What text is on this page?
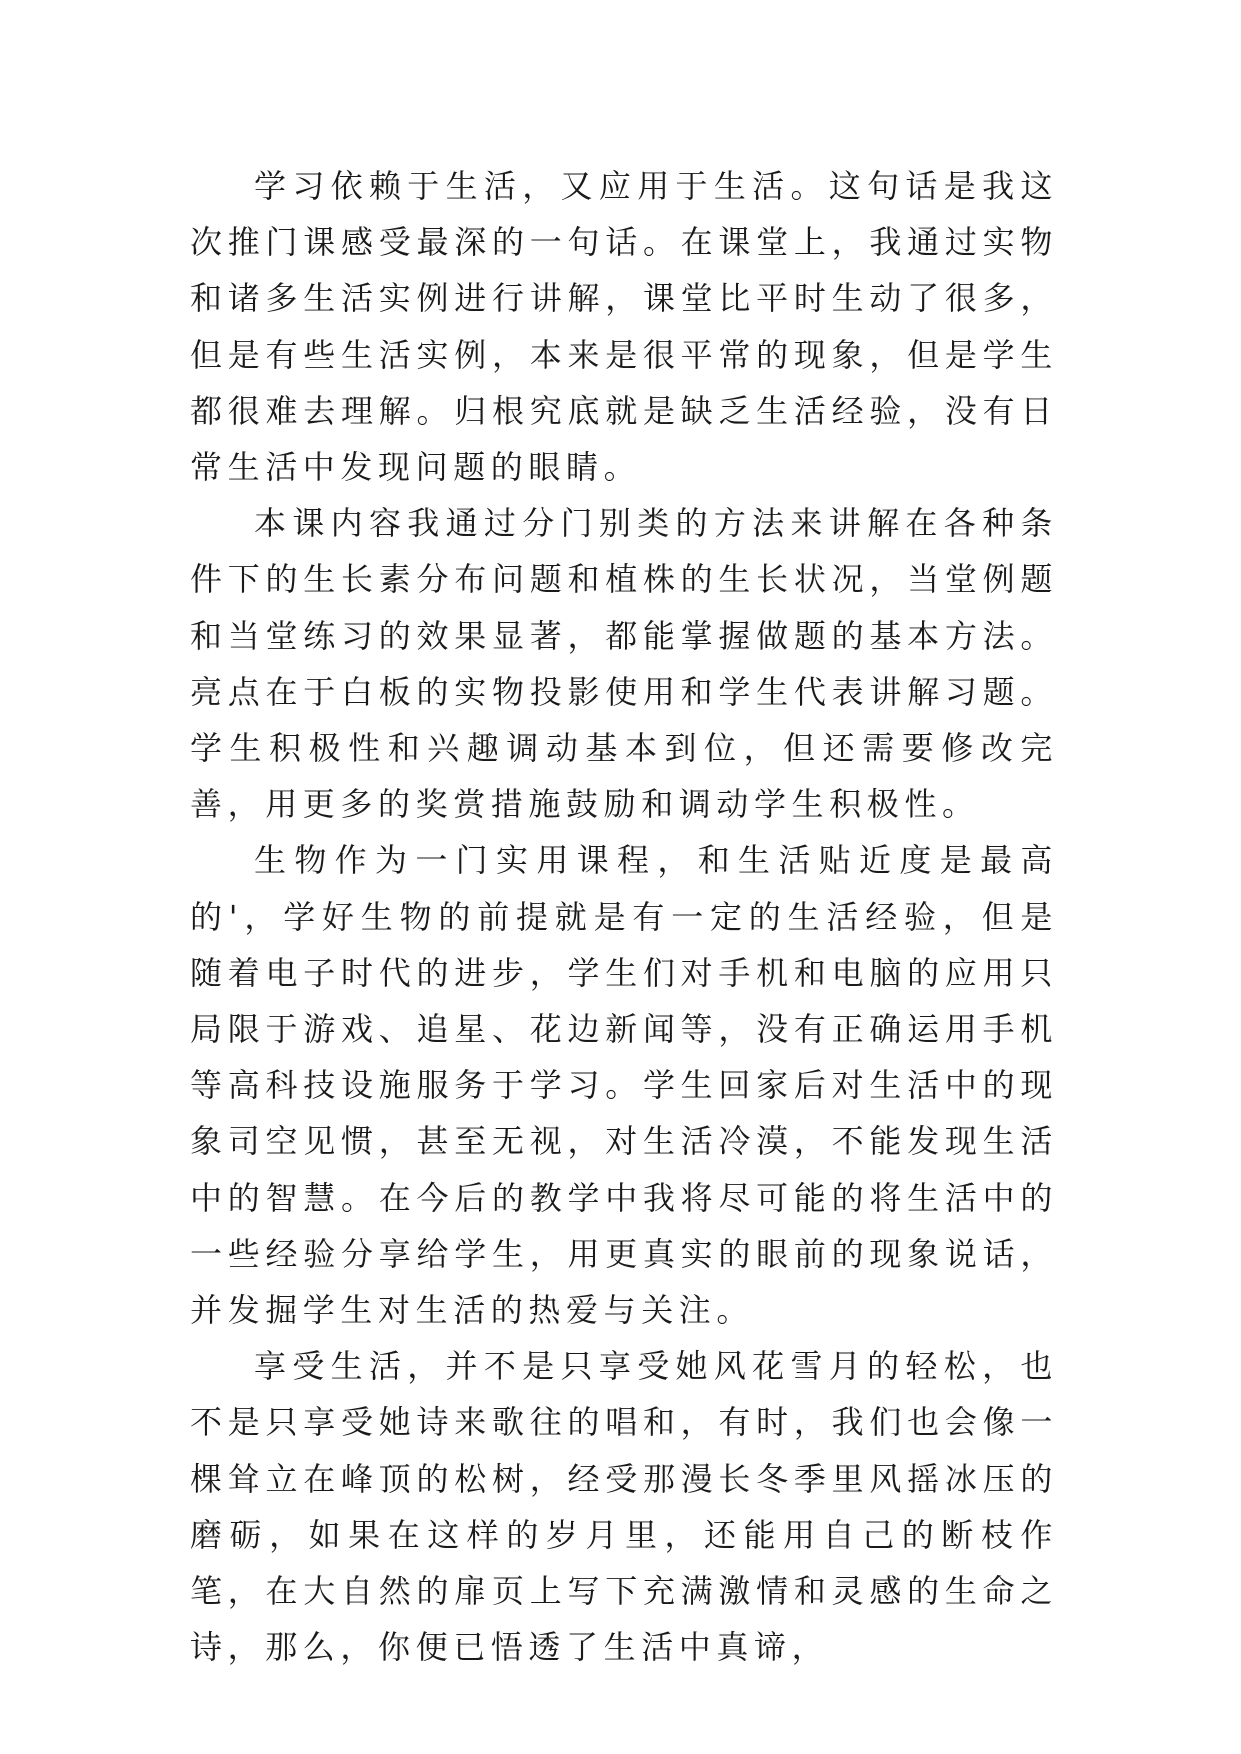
学习依赖于生活，又应用于生活。这句话是我这次推门课感受最深的一句话。在课堂上，我通过实物和诸多生活实例进行讲解，课堂比平时生动了很多，但是有些生活实例，本来是很平常的现象，但是学生都很难去理解。归根究底就是缺乏生活经验，没有日常生活中发现问题的眼睛。

本课内容我通过分门别类的方法来讲解在各种条件下的生长素分布问题和植株的生长状况，当堂例题和当堂练习的效果显著，都能掌握做题的基本方法。亮点在于白板的实物投影使用和学生代表讲解习题。学生积极性和兴趣调动基本到位，但还需要修改完善，用更多的奖赏措施鼓励和调动学生积极性。

生物作为一门实用课程，和生活贴近度是最高的'，学好生物的前提就是有一定的生活经验，但是随着电子时代的进步，学生们对手机和电脑的应用只局限于游戏、追星、花边新闻等，没有正确运用手机等高科技设施服务于学习。学生回家后对生活中的现象司空见惯，甚至无视，对生活冷漠，不能发现生活中的智慧。在今后的教学中我将尽可能的将生活中的一些经验分享给学生，用更真实的眼前的现象说话，并发掘学生对生活的热爱与关注。

享受生活，并不是只享受她风花雪月的轻松，也不是只享受她诗来歌往的唱和，有时，我们也会像一棵耸立在峰顶的松树，经受那漫长冬季里风摇冰压的磨砺，如果在这样的岁月里，还能用自己的断枝作笔，在大自然的扉页上写下充满激情和灵感的生命之诗，那么，你便已悟透了生活中真谛，
